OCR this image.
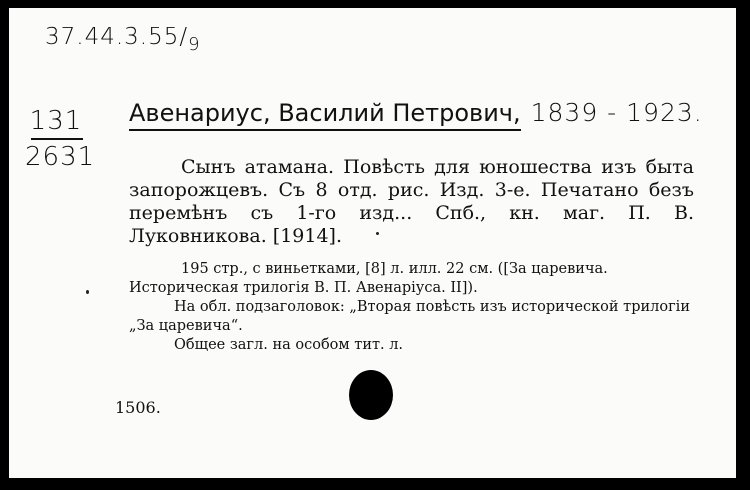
$37.44.3.55/_9$
131
2631
Авенариус, Василий Петрович, 1839 - 1923.
Сынъ атамана. Повѣсть для юношества изъ быта запорожцевъ. Съ 8 отд. рис. Изд. 3-е. Печатано безъ перемѣнъ съ 1-го изд... Спб., кн. маг. П. В. Луковникова. [1914].

195 стр., с виньетками, [8] л. илл. 22 см. ([За царевича. Историческая трилогiя В. П. Авенарiуса. II]).

На обл. подзаголовок: „Вторая повѣсть изъ исторической трилогiи „За царевича“.

Общее загл. на особом тит. л.

1506.
